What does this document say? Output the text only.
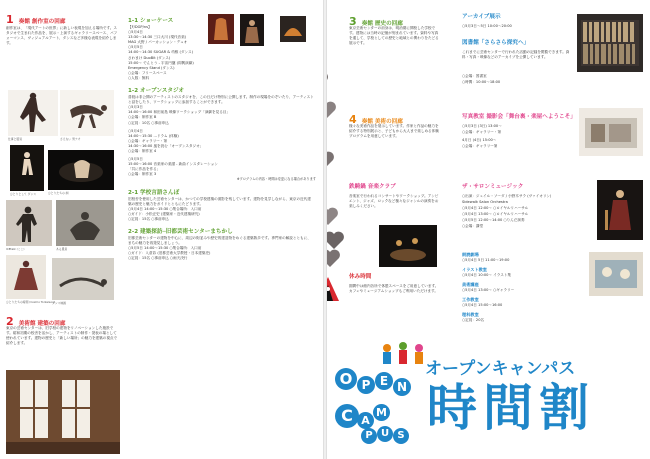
1 奏館 創作室の回廊
創作室は、「現代アートの世界」に新しい表現を加える場所です。スタジオで生まれた作品を、展示・上演するギャラリースペース、パフォーマンス、ヴィジュアルアート、ダンスなど多様な表現を紹介します。
仕事と風景	さえない 男ナオ
ひとりとして ダンス	ひとりたちの 劇
ICEtalk (ここ)	ある風景
ひとりたちの時間 (Cozmo Torkelson)
ダンス映画
2 美術館 建築の回廊
東京の芸術センターは、旧学校の建物をリノベーションした施設です。昭和初期の校舎を活かし、アーティストの制作・発表の場として使われています。建物の歴史と「新しい場所」の魅力を建築の視点で紹介します。
1-1 ショーケース
【F/DGP/ns】
○5月4日
13:30〜14:30 三口大川 (現代音楽)
MAG 大野 / パーカッション・デュオ
○5月5日
14:00〜14:30 SUGAR & 幼稚 (ダンス)
さわまけ DuoBit (ダンス)
15:00〜 でんとう - 宇宙円盤 (即興演劇)
Emergency Stand (ダンス)
○会場：フリースペース
○人数：無料
1-2 オープンスタジオ
普段は非公開のアーティストのスタジオを、この日だけ特別に公開します。制作の現場をのぞいたり、アーティストと話をしたり、ワークショップに参加することができます。
○5月3日
14:00〜16:00 和田前島 映像ワークショップ「演劇を見る目」
○会場：制作室 B
○定員：10名 ○事前申込
○5月4日
14:00〜15:30 ...ドラム (体験)
○会場：ギャラリー・第
14:30〜16:00 風を読む「オープンスタジオ」
○会場：制作室 4
○5月5日
15:00〜16:00 音楽家の楽譜 - 新曲インスタレーション
「共に作品を作る」
○会場：制作室 3
※プログラムの内容・時間は変更になる場合があります
2-1 学校言語さんぽ
旧校舎を使用した芸術センターは、かつての学校建築の面影を残しています。建物を見学しながら、東京の近代建築の歴史と魅力をガイドとともにたどります。
○5月4日 14:00〜15:30 ○集合場所：入口前
○ガイド：小松正史 (建築家・近代建築研究)
○定員：15名 ○事前申込
2-2 建築探訪─旧都芸術センターまちかし
旧都芸術センターの建物を中心に、周辺の街並みや歴史的建造物をめぐる建築散歩です。専門家の解説とともに、まちの魅力を再発見しましょう。
○5月5日 14:00〜15:30 ○集合場所：入口前
○ガイド：入倉彩 (旧都芸術大学教授・日本建築史)
○定員：15名 ○事前申込 ○雨天決行
3 奏館 歴史の回廊
東京芸術センターの前身は、明治期に開校した学校です。建物には当時の記憶が刻まれています。資料や写真を通して、学校としての歴史と地域との関わりをたどる展示です。
4 奏館 美術の回廊
様々な美術作品を展示しています。作家と作品の魅力を紹介する特別展示と、子どもから大人まで楽しめる体験プログラムを用意しています。
鉄騎鍋 音楽クラブ
音楽室で行われるコンサートやワークショップ。アンビエント、ジャズ、ロックなど様々なジャンルの演奏をお楽しみください。
休み時間
期間中は館内各所で休憩スペースをご用意しています。カフェやミュージアムショップもご利用いただけます。
アーカイブ展示
○5月3日〜5日 10:00〜20:00
図書館「さらさら探究へ」
これまでに芸術センターで行われた活動の記録を閲覧できます。資料・写真・映像などのアーカイブを公開しています。
○会場：図書室
○時間：10:00〜18:00
写真教室 撮影会「舞台裏・楽屋へようこそ」
○5月3日 (3日) 13:00〜
○会場：ギャラリー・第
4月日 (4日) 15:00〜
○会場：ギャラリー第
ザ・サロンミュージック
○出演：ジェイル・ソーダ / 小野木サラ (ヴァイオリン)
Sidewalk Salon Orchestra
○5月4日 12:00〜 ○ロイヤルリハーサル
○5月4日 13:00〜 ○ロイヤルリハーサル
○5月5日 12:00〜14:00 ○りんだ演奏
○会場：講堂
朗読劇場
○5月4日 5日 11:00〜19:00
イラスト教室
○5月4日 10:00〜 イラスト集
美術講座
○5月4日 13:00〜 ○ギャラリー
工作教室
○5月4日 15:00〜16:00
理科教室
○定員：20名
O P E N
C A
M
P U S
オープンキャンパス
時間割
